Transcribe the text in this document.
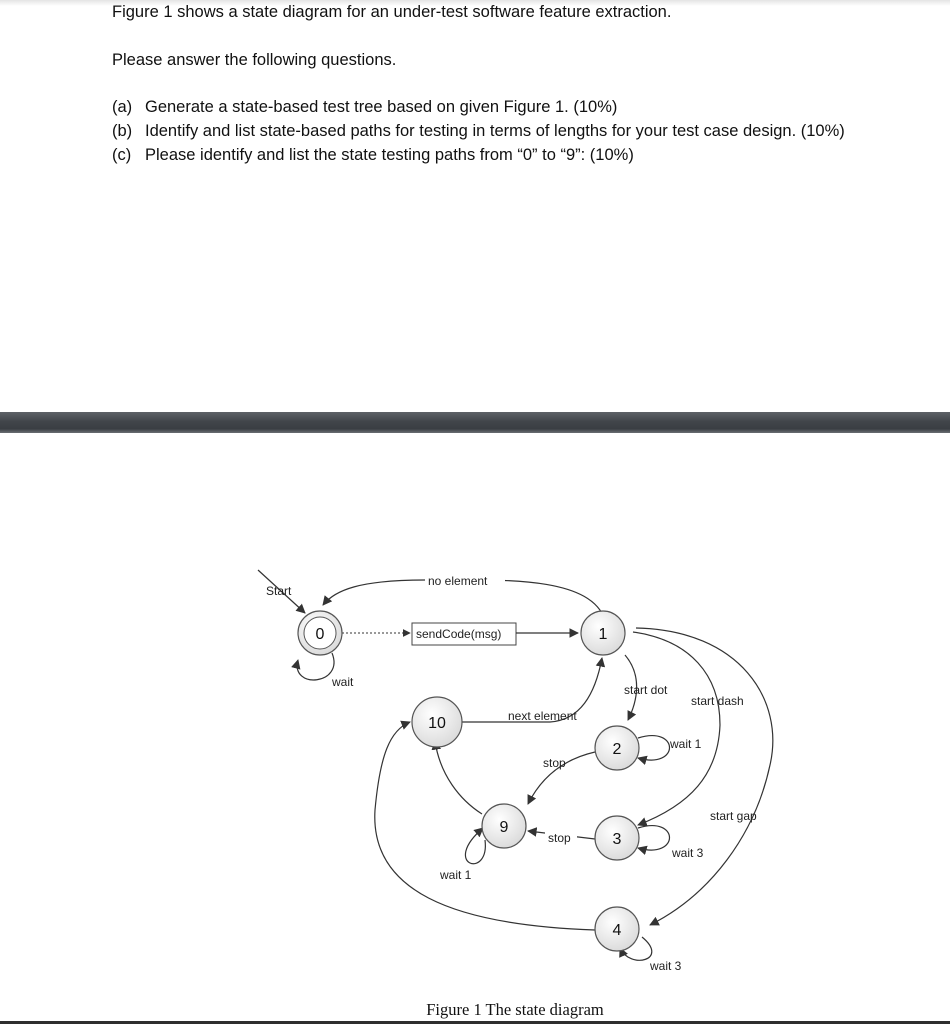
Figure 1 shows a state diagram for an under-test software feature extraction.
Please answer the following questions.
(a) Generate a state-based test tree based on given Figure 1. (10%)
(b) Identify and list state-based paths for testing in terms of lengths for your test case design. (10%)
(c) Please identify and list the state testing paths from “0” to “9”: (10%)
Start
no element
sendCode(msg)
wait
start dot
start dash
start gap
next element
wait 1
stop
stop
wait 3
wait 1
wait 3
0	1
10
2
9
3
4
Figure 1 The state diagram
